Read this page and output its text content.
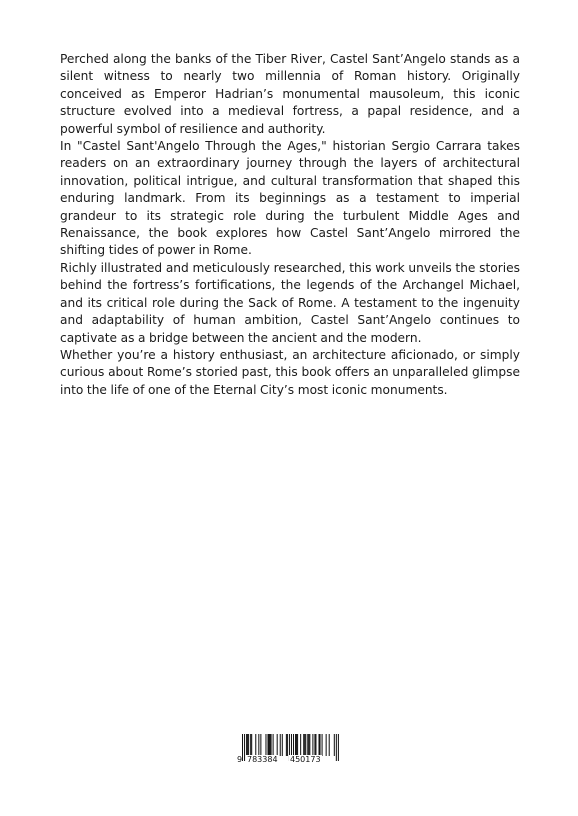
Perched along the banks of the Tiber River, Castel Sant’Angelo stands as a silent witness to nearly two millennia of Roman history. Originally conceived as Emperor Hadrian’s monumental mausoleum, this iconic structure evolved into a medieval fortress, a papal residence, and a powerful symbol of resilience and authority.

In "Castel Sant'Angelo Through the Ages," historian Sergio Carrara takes readers on an extraordinary journey through the layers of architectural innovation, political intrigue, and cultural transformation that shaped this enduring landmark. From its beginnings as a testament to imperial grandeur to its strategic role during the turbulent Middle Ages and Renaissance, the book explores how Castel Sant’Angelo mirrored the shifting tides of power in Rome.

Richly illustrated and meticulously researched, this work unveils the stories behind the fortress’s fortifications, the legends of the Archangel Michael, and its critical role during the Sack of Rome. A testament to the ingenuity and adaptability of human ambition, Castel Sant’Angelo continues to captivate as a bridge between the ancient and the modern.

Whether you’re a history enthusiast, an architecture aficionado, or simply curious about Rome’s storied past, this book offers an unparalleled glimpse into the life of one of the Eternal City’s most iconic monuments.

9 783384 450173
